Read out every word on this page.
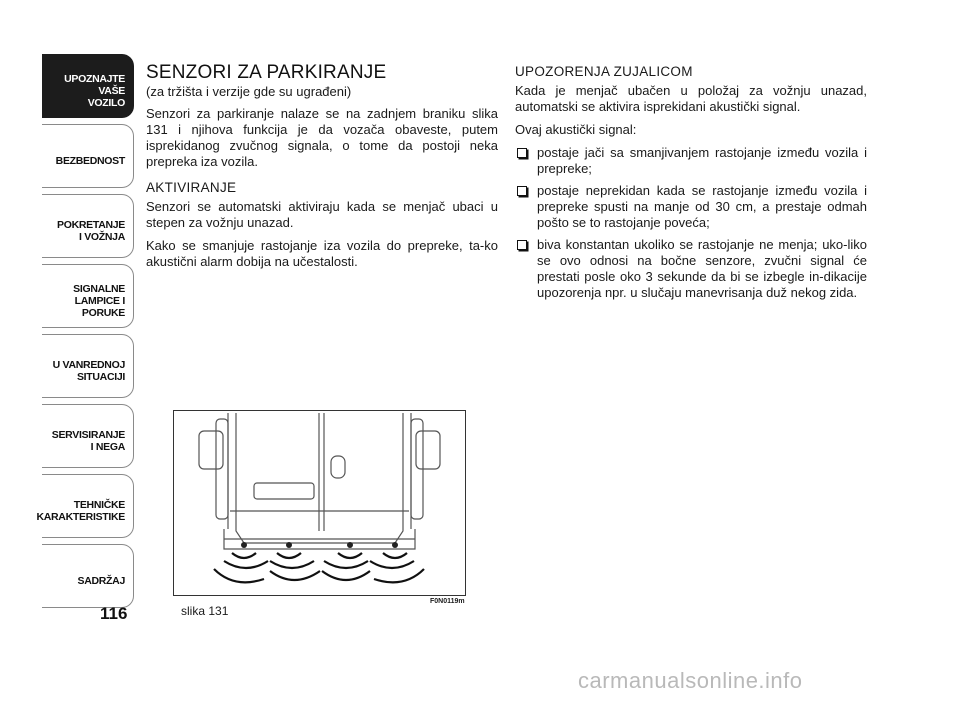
UPOZNAJTE
VAŠE
VOZILO
BEZBEDNOST
POKRETANJE
I VOŽNJA
SIGNALNE
LAMPICE I PORUKE
U VANREDNOJ
SITUACIJI
SERVISIRANJE
I NEGA
TEHNIČKE
KARAKTERISTIKE
SADRŽAJ
116
SENZORI ZA PARKIRANJE
(za tržišta i verzije gde su ugrađeni)

Senzori za parkiranje nalaze se na zadnjem braniku slika 131 i njihova funkcija je da vozača obaveste, putem isprekidanog zvučnog signala, o tome da postoji neka prepreka iza vozila.

AKTIVIRANJE

Senzori se automatski aktiviraju kada se menjač ubaci u stepen za vožnju unazad.

Kako se smanjuje rastojanje iza vozila do prepreke, ta-ko akustični alarm dobija na učestalosti.

UPOZORENJA ZUJALICOM

Kada je menjač ubačen u položaj za vožnju unazad, automatski se aktivira isprekidani akustički signal.

Ovaj akustički signal:

postaje jači sa smanjivanjem rastojanje između vozila i prepreke;
postaje neprekidan kada se rastojanje između vozila i prepreke spusti na manje od 30 cm, a prestaje odmah pošto se to rastojanje poveća;
biva konstantan ukoliko se rastojanje ne menja; uko-liko se ovo odnosi na bočne senzore, zvučni signal će prestati posle oko 3 sekunde da bi se izbegle in-dikacije upozorenja npr. u slučaju manevrisanja duž nekog zida.
slika 131
F0N0119m
carmanualsonline.info
